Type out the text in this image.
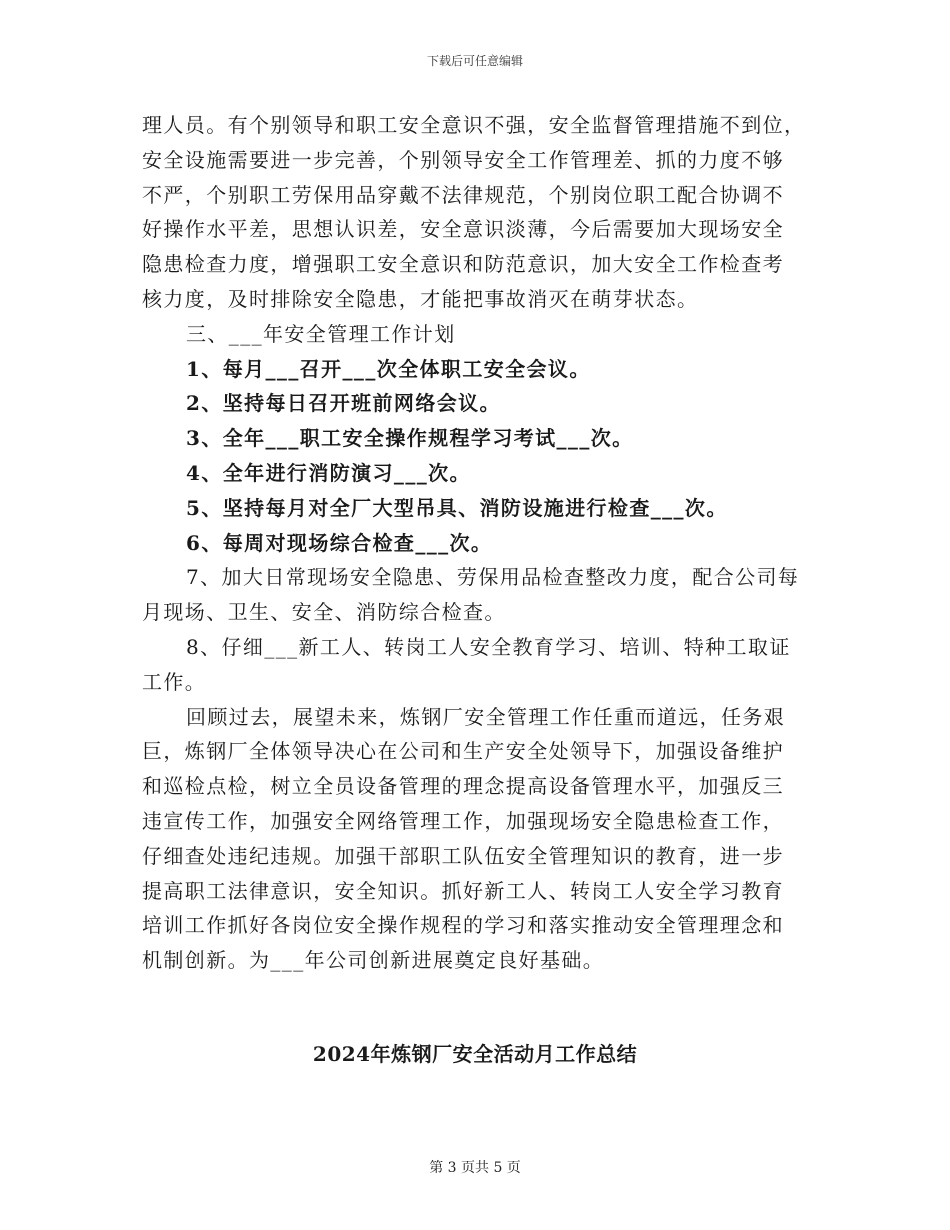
下载后可任意编辑
理人员。有个别领导和职工安全意识不强，安全监督管理措施不到位，
安全设施需要进一步完善，个别领导安全工作管理差、抓的力度不够
不严，个别职工劳保用品穿戴不法律规范，个别岗位职工配合协调不
好操作水平差，思想认识差，安全意识淡薄，今后需要加大现场安全
隐患检查力度，增强职工安全意识和防范意识，加大安全工作检查考
核力度，及时排除安全隐患，才能把事故消灭在萌芽状态。
三、___年安全管理工作计划
1、每月___召开___次全体职工安全会议。
2、坚持每日召开班前网络会议。
3、全年___职工安全操作规程学习考试___次。
4、全年进行消防演习___次。
5、坚持每月对全厂大型吊具、消防设施进行检查___次。
6、每周对现场综合检查___次。
7、加大日常现场安全隐患、劳保用品检查整改力度，配合公司每
月现场、卫生、安全、消防综合检查。
8、仔细___新工人、转岗工人安全教育学习、培训、特种工取证
工作。
回顾过去，展望未来，炼钢厂安全管理工作任重而道远，任务艰
巨，炼钢厂全体领导决心在公司和生产安全处领导下，加强设备维护
和巡检点检，树立全员设备管理的理念提高设备管理水平，加强反三
违宣传工作，加强安全网络管理工作，加强现场安全隐患检查工作，
仔细查处违纪违规。加强干部职工队伍安全管理知识的教育，进一步
提高职工法律意识，安全知识。抓好新工人、转岗工人安全学习教育
培训工作抓好各岗位安全操作规程的学习和落实推动安全管理理念和
机制创新。为___年公司创新进展奠定良好基础。
2024年炼钢厂安全活动月工作总结
第 3 页共 5 页
